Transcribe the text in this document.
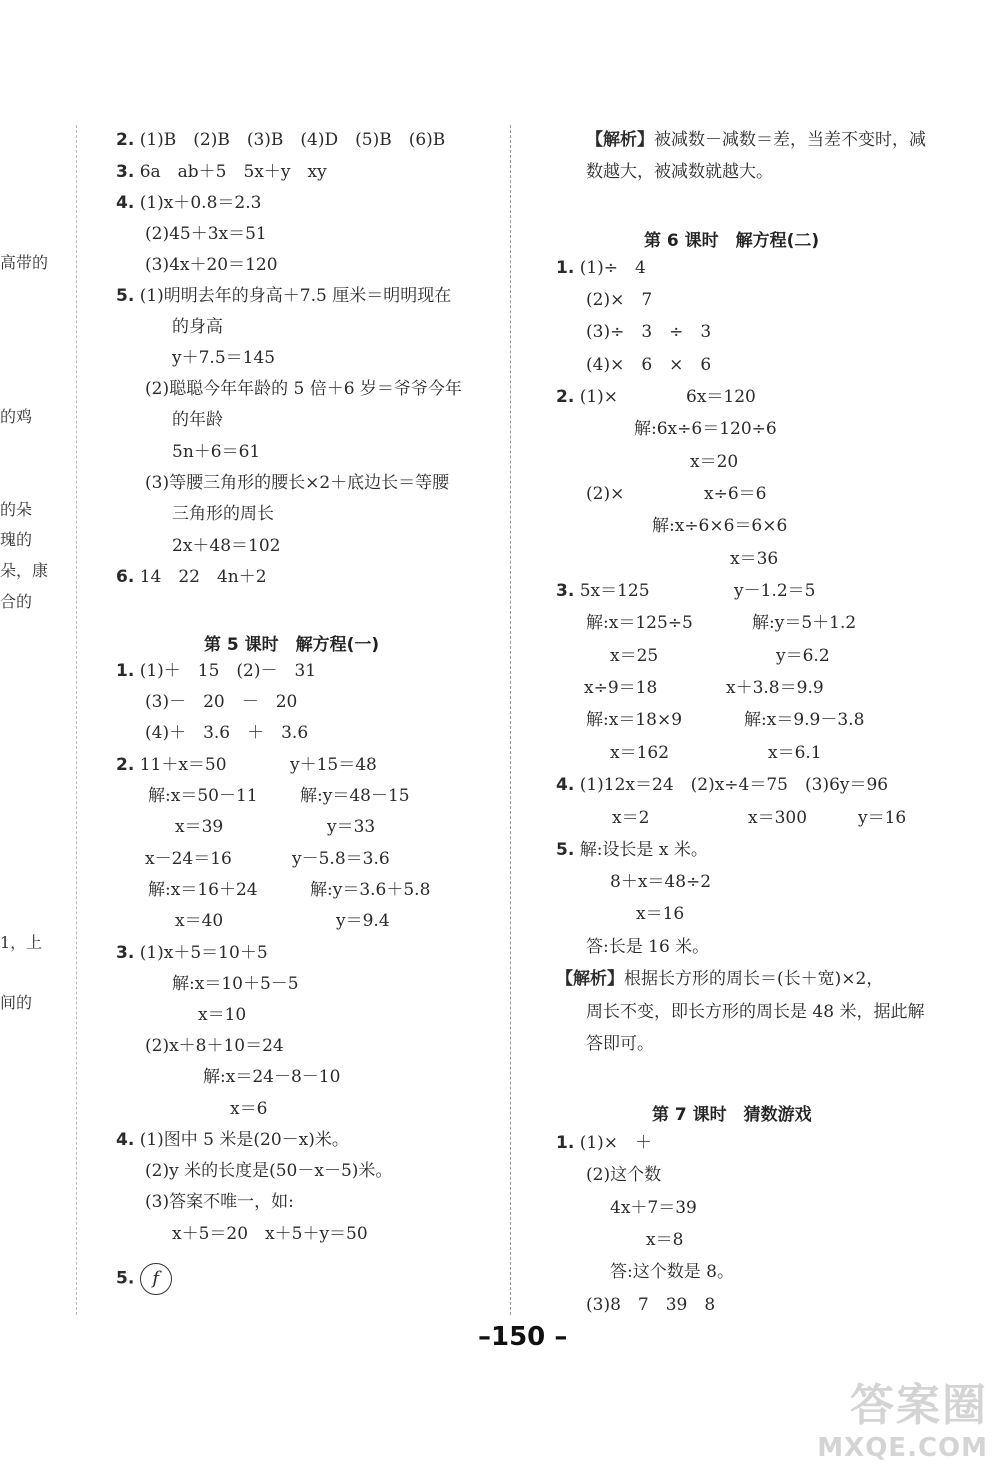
高带的
的鸡
的朵
瑰的
朵，康
合的
1，上
间的
2. (1)B　(2)B　(3)B　(4)D　(5)B　(6)B
3. 6a　ab＋5　5x＋y　xy
4. (1)x＋0.8＝2.3
(2)45＋3x＝51
(3)4x＋20＝120
5. (1)明明去年的身高＋7.5 厘米＝明明现在
的身高
y＋7.5＝145
(2)聪聪今年年龄的 5 倍＋6 岁＝爷爷今年
的年龄
5n＋6＝61
(3)等腰三角形的腰长×2＋底边长＝等腰
三角形的周长
2x＋48＝102
6. 14　22　4n＋2
第 5 课时　解方程(一)
1. (1)＋　15　(2)－　31
(3)－　20　－　20
(4)＋　3.6　＋　3.6
2. 11＋x＝50	y＋15＝48
解:x＝50－11 解:y＝48－15
x＝39	y＝33
x－24＝16	y－5.8＝3.6
解:x＝16＋24	解:y＝3.6＋5.8
x＝40	y＝9.4
3. (1)x＋5＝10＋5
解:x＝10＋5－5
x＝10
(2)x＋8＋10＝24
解:x＝24－8－10
x＝6
4. (1)图中 5 米是(20－x)米。
(2)y 米的长度是(50－x－5)米。
(3)答案不唯一，如:
x＋5＝20　x＋5＋y＝50
5. f
【解析】被减数－减数＝差，当差不变时，减
数越大，被减数就越大。
第 6 课时　解方程(二)
1. (1)÷　4
(2)×　7
(3)÷　3　÷　3
(4)×　6　×　6
2. (1)×	6x＝120
解:6x÷6＝120÷6
x＝20
(2)×	x÷6＝6
解:x÷6×6＝6×6
x＝36
3. 5x＝125	y－1.2＝5
解:x＝125÷5	解:y＝5＋1.2
x＝25	y＝6.2
x÷9＝18	x＋3.8＝9.9
解:x＝18×9	解:x＝9.9－3.8
x＝162	x＝6.1
4. (1)12x＝24　(2)x÷4＝75　(3)6y＝96
x＝2	x＝300	y＝16
5. 解:设长是 x 米。
8＋x＝48÷2
x＝16
答:长是 16 米。
【解析】根据长方形的周长＝(长＋宽)×2，
周长不变，即长方形的周长是 48 米，据此解
答即可。
第 7 课时　猜数游戏
1. (1)×　＋
(2)这个数
4x＋7＝39
x＝8
答:这个数是 8。
(3)8　7　39　8
–150 –
答案圈
MXQE.COM
